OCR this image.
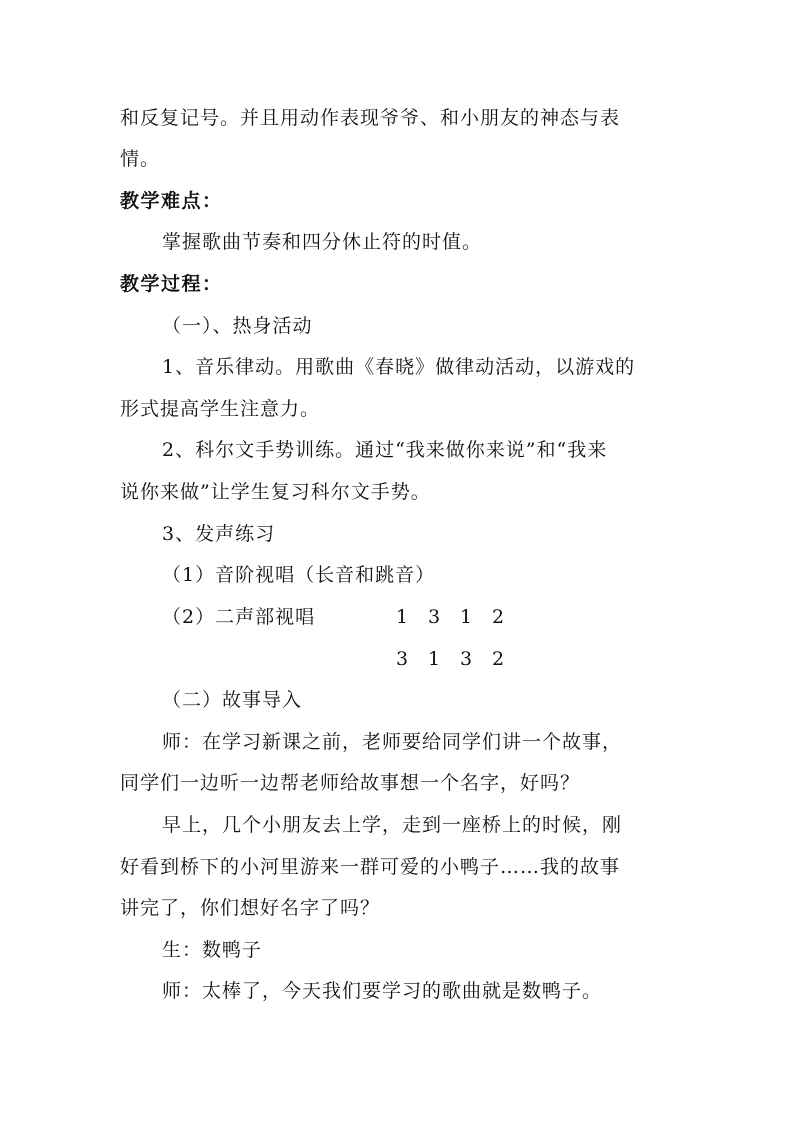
和反复记号。并且用动作表现爷爷、和小朋友的神态与表
情。
教学难点：
掌握歌曲节奏和四分休止符的时值。
教学过程：
（一）、热身活动
1、音乐律动。用歌曲《春晓》做律动活动，以游戏的
形式提高学生注意力。
2、科尔文手势训练。通过“我来做你来说”和“我来
说你来做”让学生复习科尔文手势。
3、发声练习
（1）音阶视唱（长音和跳音）
（2）二声部视唱	1 3 1 2
3 1 3 2
（二）故事导入
师：在学习新课之前，老师要给同学们讲一个故事，
同学们一边听一边帮老师给故事想一个名字，好吗？
早上，几个小朋友去上学，走到一座桥上的时候，刚
好看到桥下的小河里游来一群可爱的小鸭子……我的故事
讲完了，你们想好名字了吗？
生：数鸭子
师：太棒了，今天我们要学习的歌曲就是数鸭子。
